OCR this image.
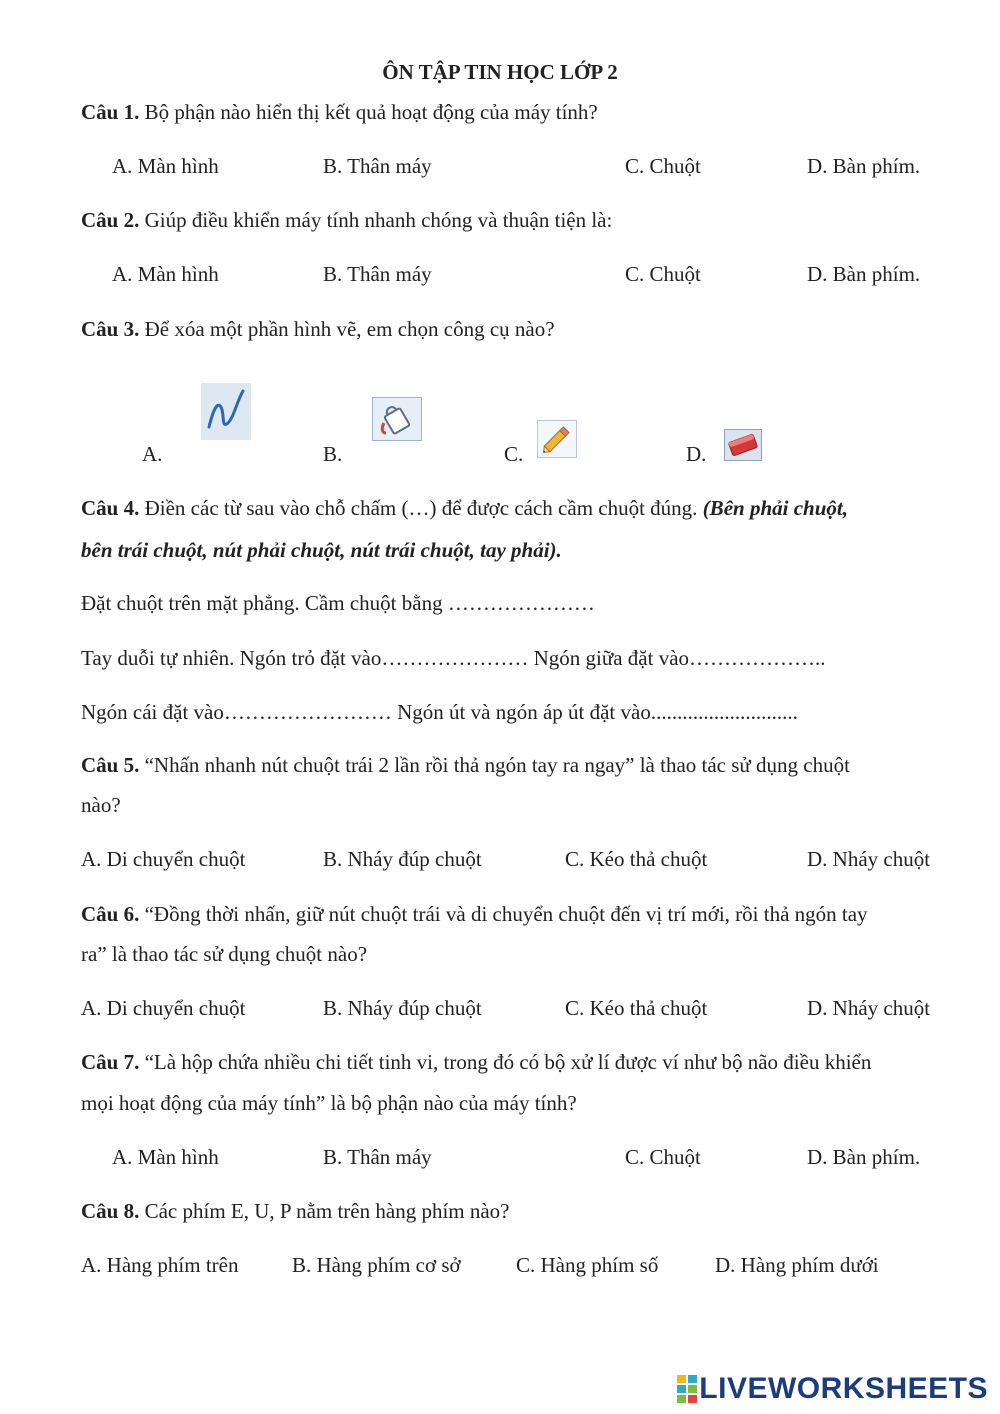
ÔN TẬP TIN HỌC LỚP 2
Câu 1. Bộ phận nào hiển thị kết quả hoạt động của máy tính?
A. Màn hình	B. Thân máy	C. Chuột	D. Bàn phím.
Câu 2. Giúp điều khiển máy tính nhanh chóng và thuận tiện là:
A. Màn hình	B. Thân máy	C. Chuột	D. Bàn phím.
Câu 3. Để xóa một phần hình vẽ, em chọn công cụ nào?
A.	B.	C.	D.
Câu 4. Điền các từ sau vào chỗ chấm (…) để được cách cầm chuột đúng. (Bên phải chuột,
bên trái chuột, nút phải chuột, nút trái chuột, tay phải).
Đặt chuột trên mặt phẳng. Cầm chuột bằng …………………
Tay duỗi tự nhiên. Ngón trỏ đặt vào………………… Ngón giữa đặt vào………………..
Ngón cái đặt vào…………………… Ngón út và ngón áp út đặt vào............................
Câu 5. “Nhấn nhanh nút chuột trái 2 lần rồi thả ngón tay ra ngay” là thao tác sử dụng chuột
nào?
A. Di chuyển chuột	B. Nháy đúp chuột	C. Kéo thả chuột	D. Nháy chuột
Câu 6. “Đồng thời nhấn, giữ nút chuột trái và di chuyển chuột đến vị trí mới, rồi thả ngón tay
ra” là thao tác sử dụng chuột nào?
A. Di chuyển chuột	B. Nháy đúp chuột	C. Kéo thả chuột	D. Nháy chuột
Câu 7. “Là hộp chứa nhiều chi tiết tinh vi, trong đó có bộ xử lí được ví như bộ não điều khiển
mọi hoạt động của máy tính” là bộ phận nào của máy tính?
A. Màn hình	B. Thân máy	C. Chuột	D. Bàn phím.
Câu 8. Các phím E, U, P nằm trên hàng phím nào?
A. Hàng phím trên	B. Hàng phím cơ sở	C. Hàng phím số	D. Hàng phím dưới
LIVEWORKSHEETS
